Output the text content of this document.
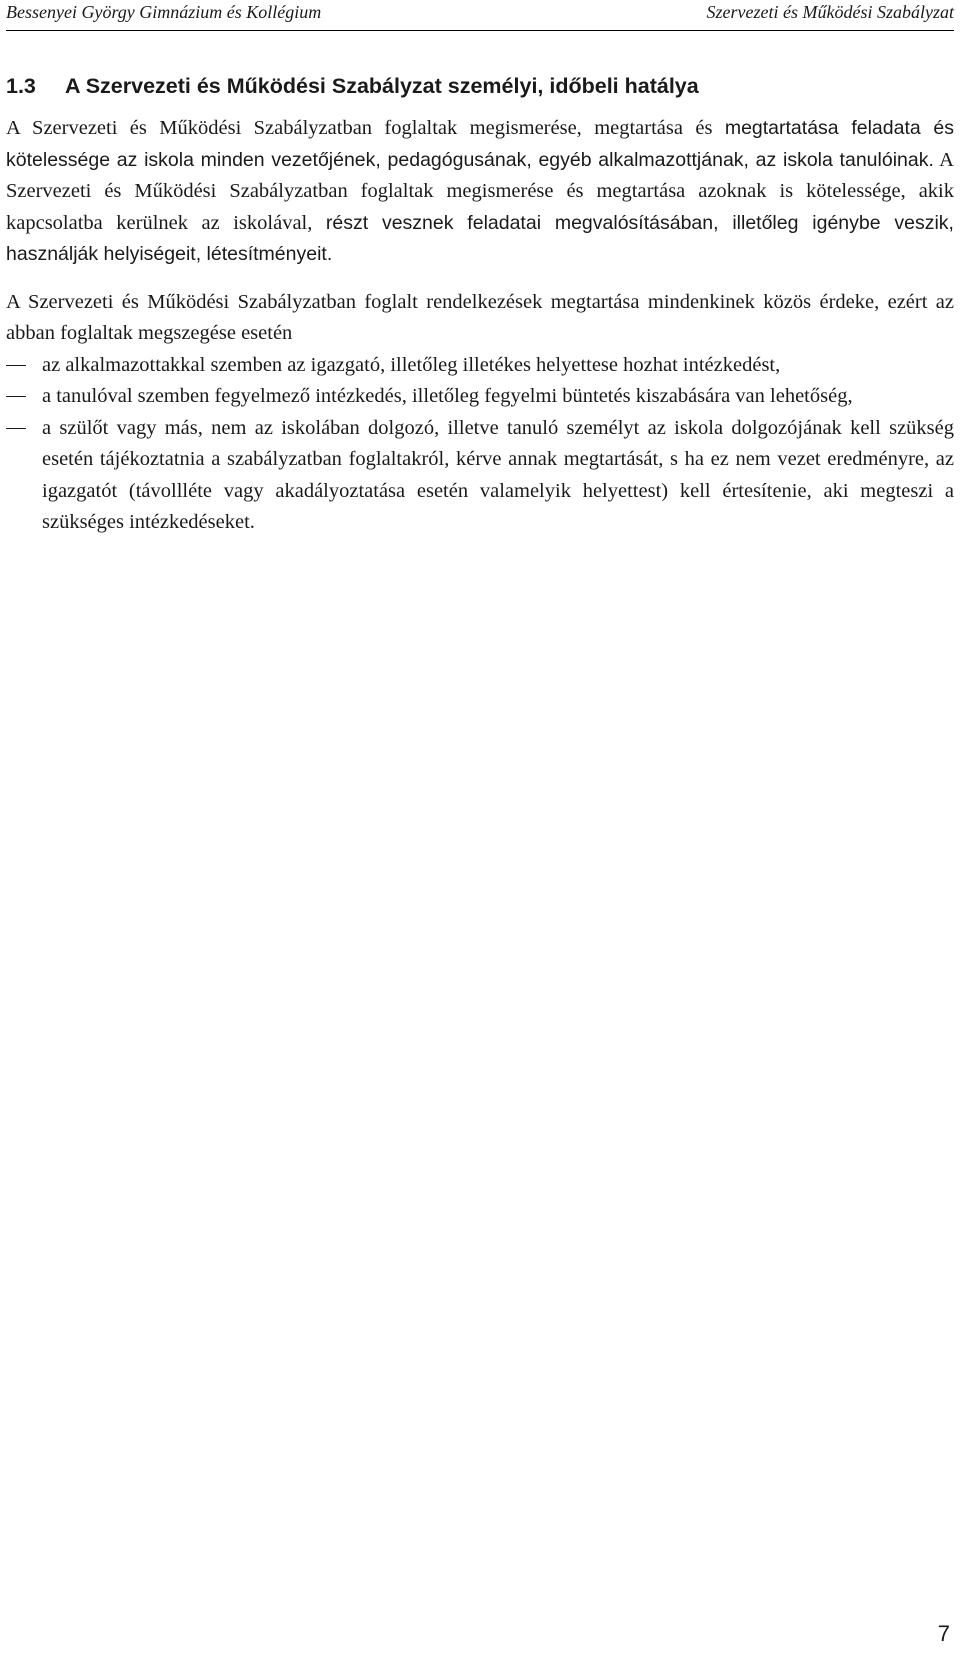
Bessenyei György Gimnázium és Kollégium	Szervezeti és Működési Szabályzat
1.3 A Szervezeti és Működési Szabályzat személyi, időbeli hatálya

A Szervezeti és Működési Szabályzatban foglaltak megismerése, megtartása és megtartatása feladata és kötelessége az iskola minden vezetőjének, pedagógusának, egyéb alkalmazottjának, az iskola tanulóinak. A Szervezeti és Működési Szabályzatban foglaltak megismerése és megtartása azoknak is kötelessége, akik kapcsolatba kerülnek az iskolával, részt vesznek feladatai megvalósításában, illetőleg igénybe veszik, használják helyiségeit, létesítményeit.

A Szervezeti és Működési Szabályzatban foglalt rendelkezések megtartása mindenkinek közös érdeke, ezért az abban foglaltak megszegése esetén

az alkalmazottakkal szemben az igazgató, illetőleg illetékes helyettese hozhat intézkedést,
a tanulóval szemben fegyelmező intézkedés, illetőleg fegyelmi büntetés kiszabására van lehetőség,
a szülőt vagy más, nem az iskolában dolgozó, illetve tanuló személyt az iskola dolgozójának kell szükség esetén tájékoztatnia a szabályzatban foglaltakról, kérve annak megtartását, s ha ez nem vezet eredményre, az igazgatót (távollléte vagy akadályoztatása esetén valamelyik helyettest) kell értesítenie, aki megteszi a szükséges intézkedéseket.
7
